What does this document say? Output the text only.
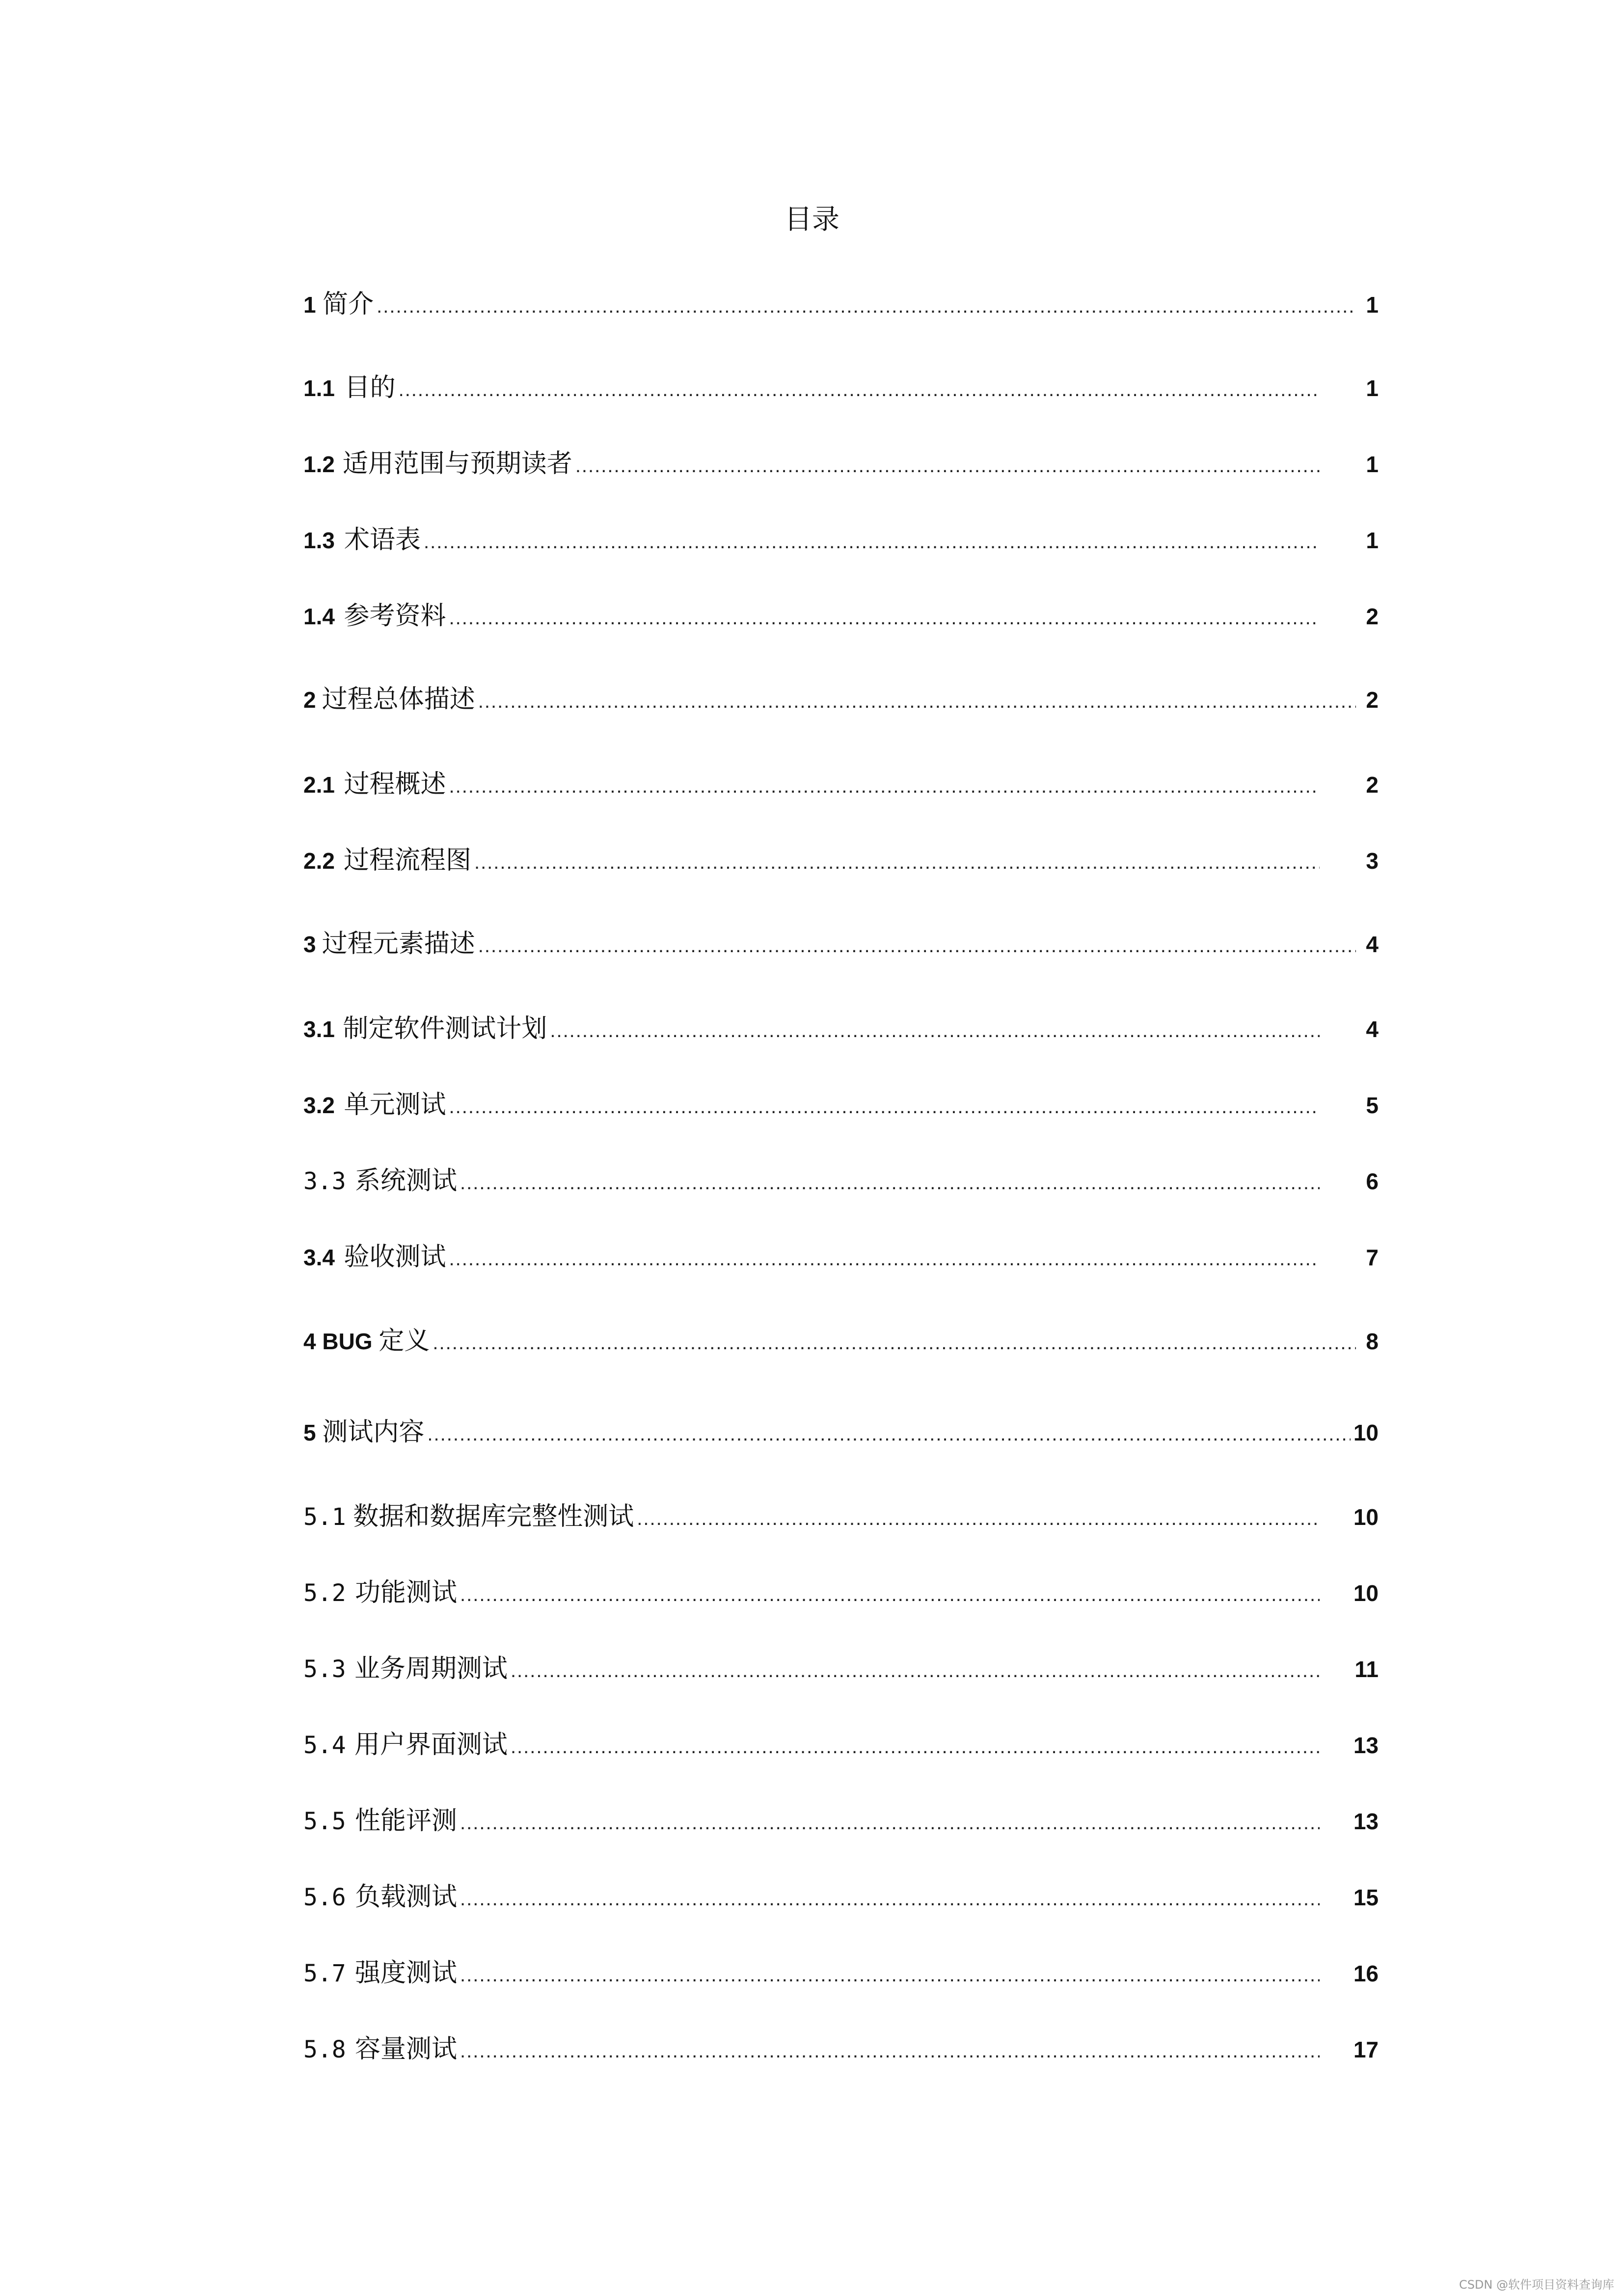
目录
1 简介 .....	1
1.1 目的 .....	1
1.2 适用范围与预期读者 .....	1
1.3 术语表 .....	1
1.4 参考资料 .....	2
2 过程总体描述 .....	2
2.1 过程概述 .....	2
2.2 过程流程图 .....	3
3 过程元素描述 .....	4
3.1 制定软件测试计划 .....	4
3.2 单元测试 .....	5
3.3 系统测试 .....	6
3.4 验收测试 .....	7
4 BUG 定义 .....	8
5 测试内容 .....	10
5.1 数据和数据库完整性测试 .....	10
5.2 功能测试 .....	10
5.3 业务周期测试 .....	11
5.4 用户界面测试 .....	13
5.5 性能评测 .....	13
5.6 负载测试 .....	15
5.7 强度测试 .....	16
5.8 容量测试 .....	17
CSDN @软件项目资料查询库
